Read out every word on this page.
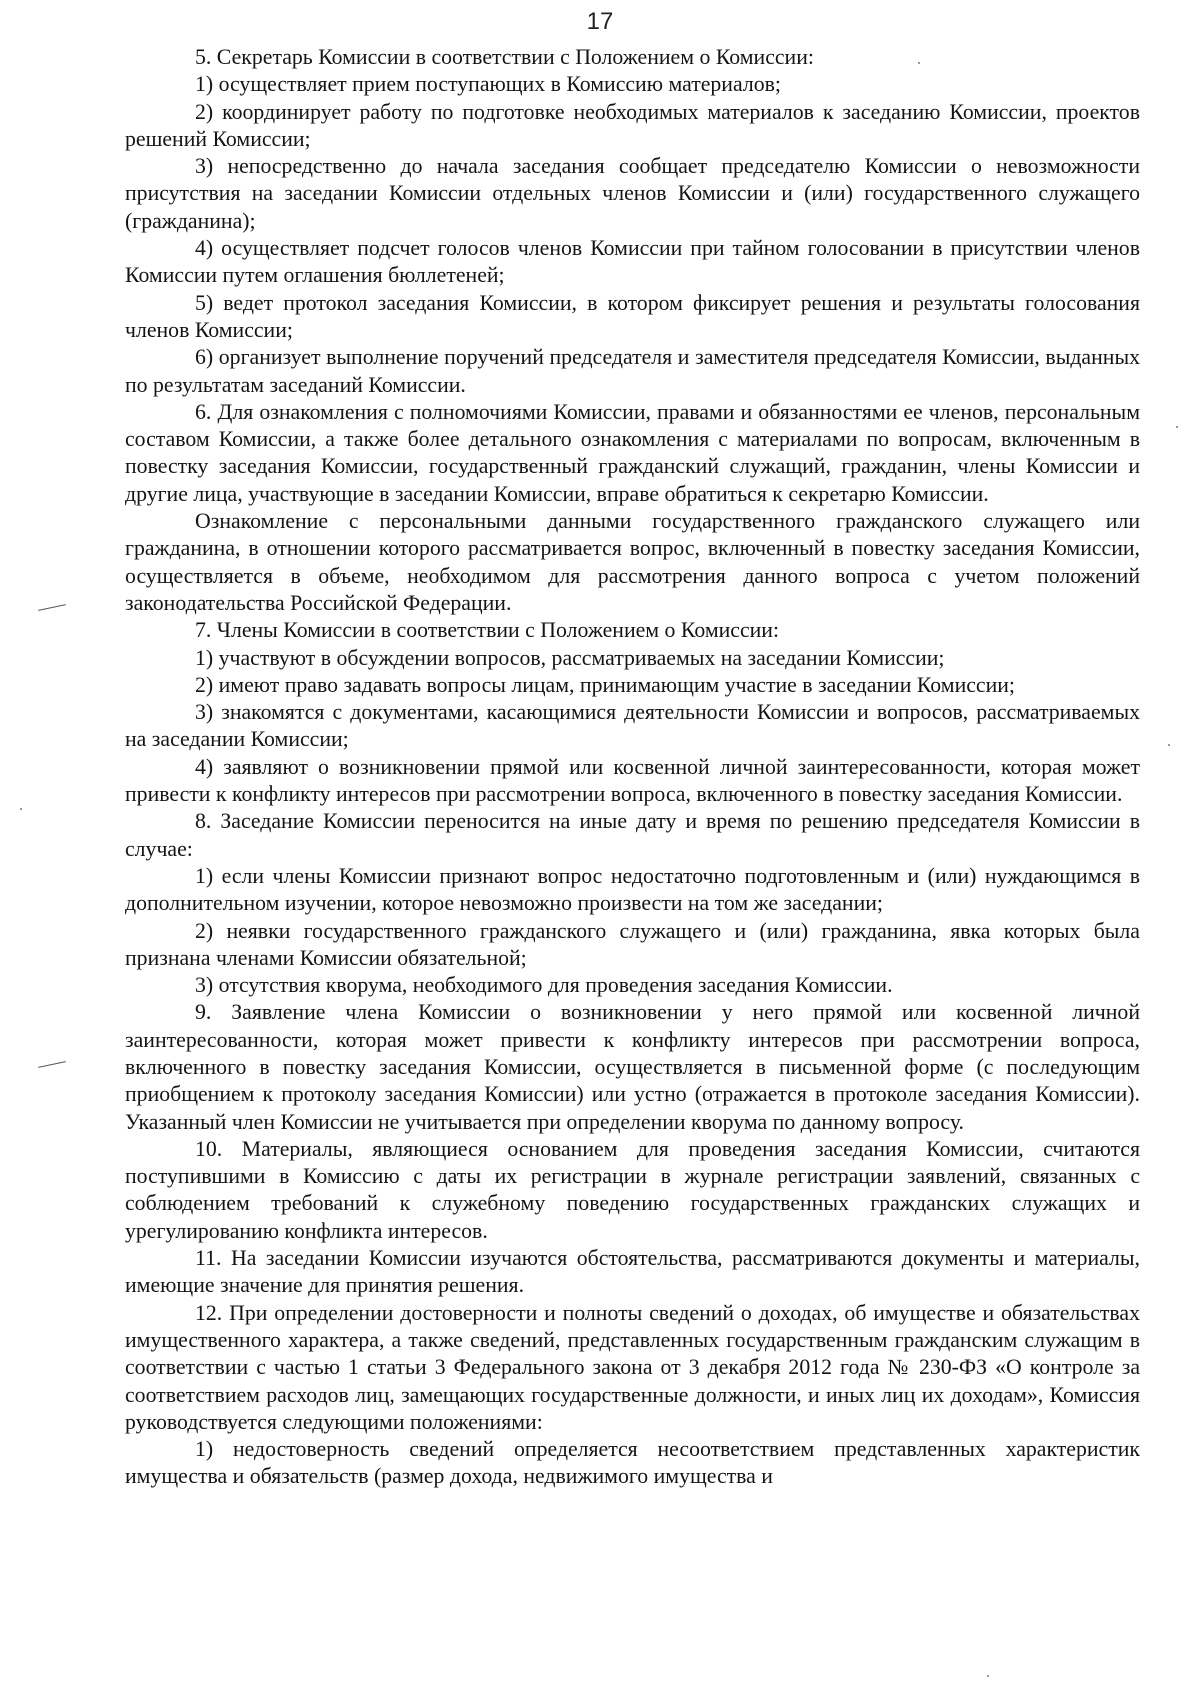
17

5. Секретарь Комиссии в соответствии с Положением о Комиссии:

1) осуществляет прием поступающих в Комиссию материалов;

2) координирует работу по подготовке необходимых материалов к заседанию Комиссии, проектов решений Комиссии;

3) непосредственно до начала заседания сообщает председателю Комиссии о невозможности присутствия на заседании Комиссии отдельных членов Комиссии и (или) государственного служащего (гражданина);

4) осуществляет подсчет голосов членов Комиссии при тайном голосовании в присутствии членов Комиссии путем оглашения бюллетеней;

5) ведет протокол заседания Комиссии, в котором фиксирует решения и результаты голосования членов Комиссии;

6) организует выполнение поручений председателя и заместителя председателя Комиссии, выданных по результатам заседаний Комиссии.

6. Для ознакомления с полномочиями Комиссии, правами и обязанностями ее членов, персональным составом Комиссии, а также более детального ознакомления с материалами по вопросам, включенным в повестку заседания Комиссии, государственный гражданский служащий, гражданин, члены Комиссии и другие лица, участвующие в заседании Комиссии, вправе обратиться к секретарю Комиссии.

Ознакомление с персональными данными государственного гражданского служащего или гражданина, в отношении которого рассматривается вопрос, включенный в повестку заседания Комиссии, осуществляется в объеме, необходимом для рассмотрения данного вопроса с учетом положений законодательства Российской Федерации.

7. Члены Комиссии в соответствии с Положением о Комиссии:

1) участвуют в обсуждении вопросов, рассматриваемых на заседании Комиссии;

2) имеют право задавать вопросы лицам, принимающим участие в заседании Комиссии;

3) знакомятся с документами, касающимися деятельности Комиссии и вопросов, рассматриваемых на заседании Комиссии;

4) заявляют о возникновении прямой или косвенной личной заинтересованности, которая может привести к конфликту интересов при рассмотрении вопроса, включенного в повестку заседания Комиссии.

8. Заседание Комиссии переносится на иные дату и время по решению председателя Комиссии в случае:

1) если члены Комиссии признают вопрос недостаточно подготовленным и (или) нуждающимся в дополнительном изучении, которое невозможно произвести на том же заседании;

2) неявки государственного гражданского служащего и (или) гражданина, явка которых была признана членами Комиссии обязательной;

3) отсутствия кворума, необходимого для проведения заседания Комиссии.

9. Заявление члена Комиссии о возникновении у него прямой или косвенной личной заинтересованности, которая может привести к конфликту интересов при рассмотрении вопроса, включенного в повестку заседания Комиссии, осуществляется в письменной форме (с последующим приобщением к протоколу заседания Комиссии) или устно (отражается в протоколе заседания Комиссии). Указанный член Комиссии не учитывается при определении кворума по данному вопросу.

10. Материалы, являющиеся основанием для проведения заседания Комиссии, считаются поступившими в Комиссию с даты их регистрации в журнале регистрации заявлений, связанных с соблюдением требований к служебному поведению государственных гражданских служащих и урегулированию конфликта интересов.

11. На заседании Комиссии изучаются обстоятельства, рассматриваются документы и материалы, имеющие значение для принятия решения.

12. При определении достоверности и полноты сведений о доходах, об имуществе и обязательствах имущественного характера, а также сведений, представленных государственным гражданским служащим в соответствии с частью 1 статьи 3 Федерального закона от 3 декабря 2012 года № 230-ФЗ «О контроле за соответствием расходов лиц, замещающих государственные должности, и иных лиц их доходам», Комиссия руководствуется следующими положениями:

1) недостоверность сведений определяется несоответствием представленных характеристик имущества и обязательств (размер дохода, недвижимого имущества и
